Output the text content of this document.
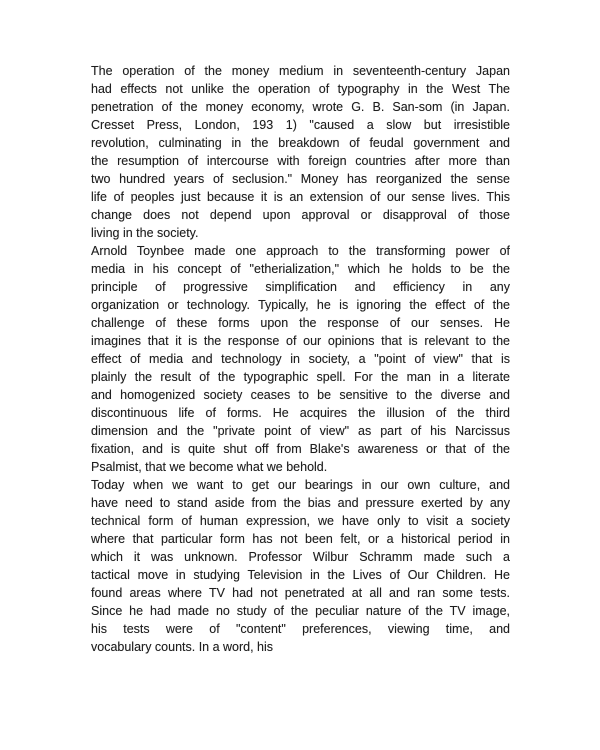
The operation of the money medium in seventeenth-century Japan
had effects not unlike the operation of typography in the West The
penetration of the money economy, wrote G. B. San-som (in Japan.
Cresset Press, London, 193 1) "caused a slow but irresistible
revolution, culminating in the breakdown of feudal government and
the resumption of intercourse with foreign countries after more than
two hundred years of seclusion." Money has reorganized the sense
life of peoples just because it is an extension of our sense lives. This
change does not depend upon approval or disapproval of those
living in the society.
Arnold Toynbee made one approach to the transforming power of
media in his concept of "etherialization," which he holds to be the
principle of progressive simplification and efficiency in any
organization or technology. Typically, he is ignoring the effect of the
challenge of these forms upon the response of our senses. He
imagines that it is the response of our opinions that is relevant to the
effect of media and technology in society, a "point of view" that is
plainly the result of the typographic spell. For the man in a literate
and homogenized society ceases to be sensitive to the diverse and
discontinuous life of forms. He acquires the illusion of the third
dimension and the "private point of view" as part of his Narcissus
fixation, and is quite shut off from Blake's awareness or that of the
Psalmist, that we become what we behold.
Today when we want to get our bearings in our own culture, and
have need to stand aside from the bias and pressure exerted by any
technical form of human expression, we have only to visit a society
where that particular form has not been felt, or a historical period in
which it was unknown. Professor Wilbur Schramm made such a
tactical move in studying Television in the Lives of Our Children. He
found areas where TV had not penetrated at all and ran some tests.
Since he had made no study of the peculiar nature of the TV image,
his tests were of "content" preferences, viewing time, and
vocabulary counts. In a word, his
